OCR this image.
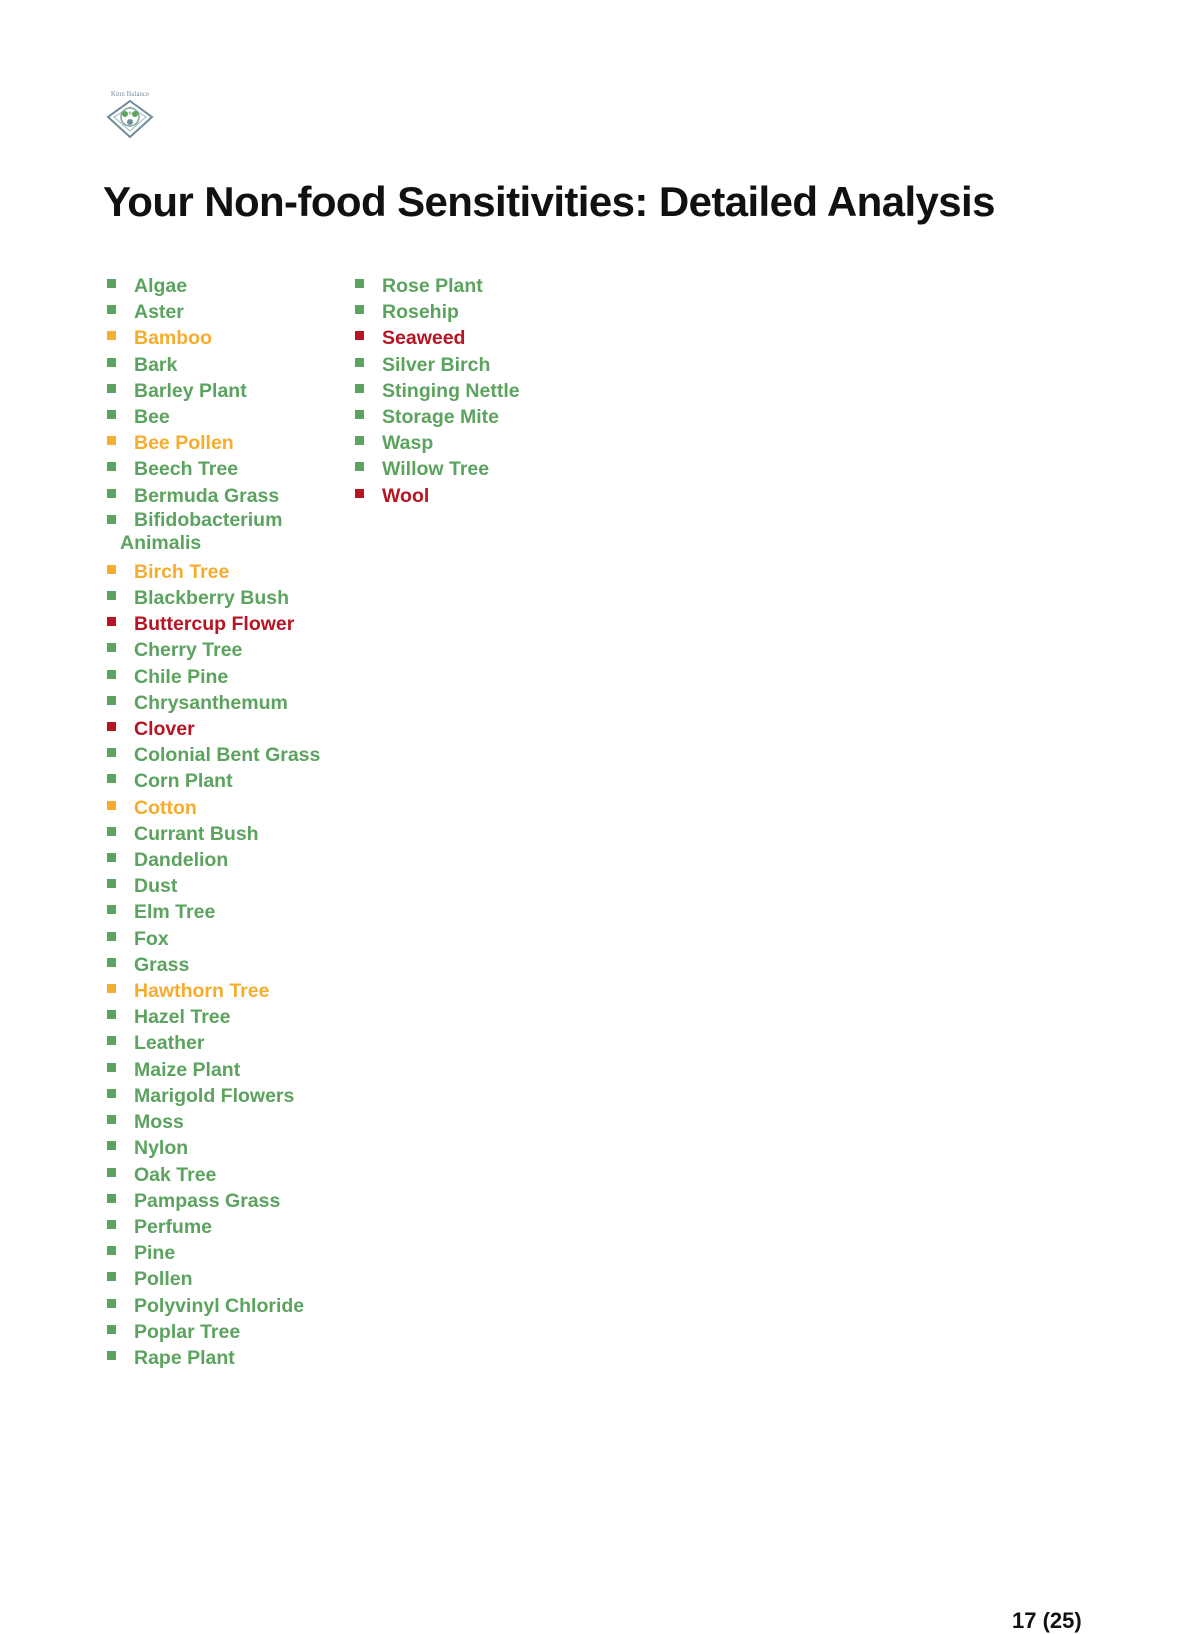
Kinn Balance
Your Non-food Sensitivities: Detailed Analysis
Algae
Aster
Bamboo
Bark
Barley Plant
Bee
Bee Pollen
Beech Tree
Bermuda Grass
Bifidobacterium Animalis
Birch Tree
Blackberry Bush
Buttercup Flower
Cherry Tree
Chile Pine
Chrysanthemum
Clover
Colonial Bent Grass
Corn Plant
Cotton
Currant Bush
Dandelion
Dust
Elm Tree
Fox
Grass
Hawthorn Tree
Hazel Tree
Leather
Maize Plant
Marigold Flowers
Moss
Nylon
Oak Tree
Pampass Grass
Perfume
Pine
Pollen
Polyvinyl Chloride
Poplar Tree
Rape Plant
Rose Plant
Rosehip
Seaweed
Silver Birch
Stinging Nettle
Storage Mite
Wasp
Willow Tree
Wool
17 (25)
